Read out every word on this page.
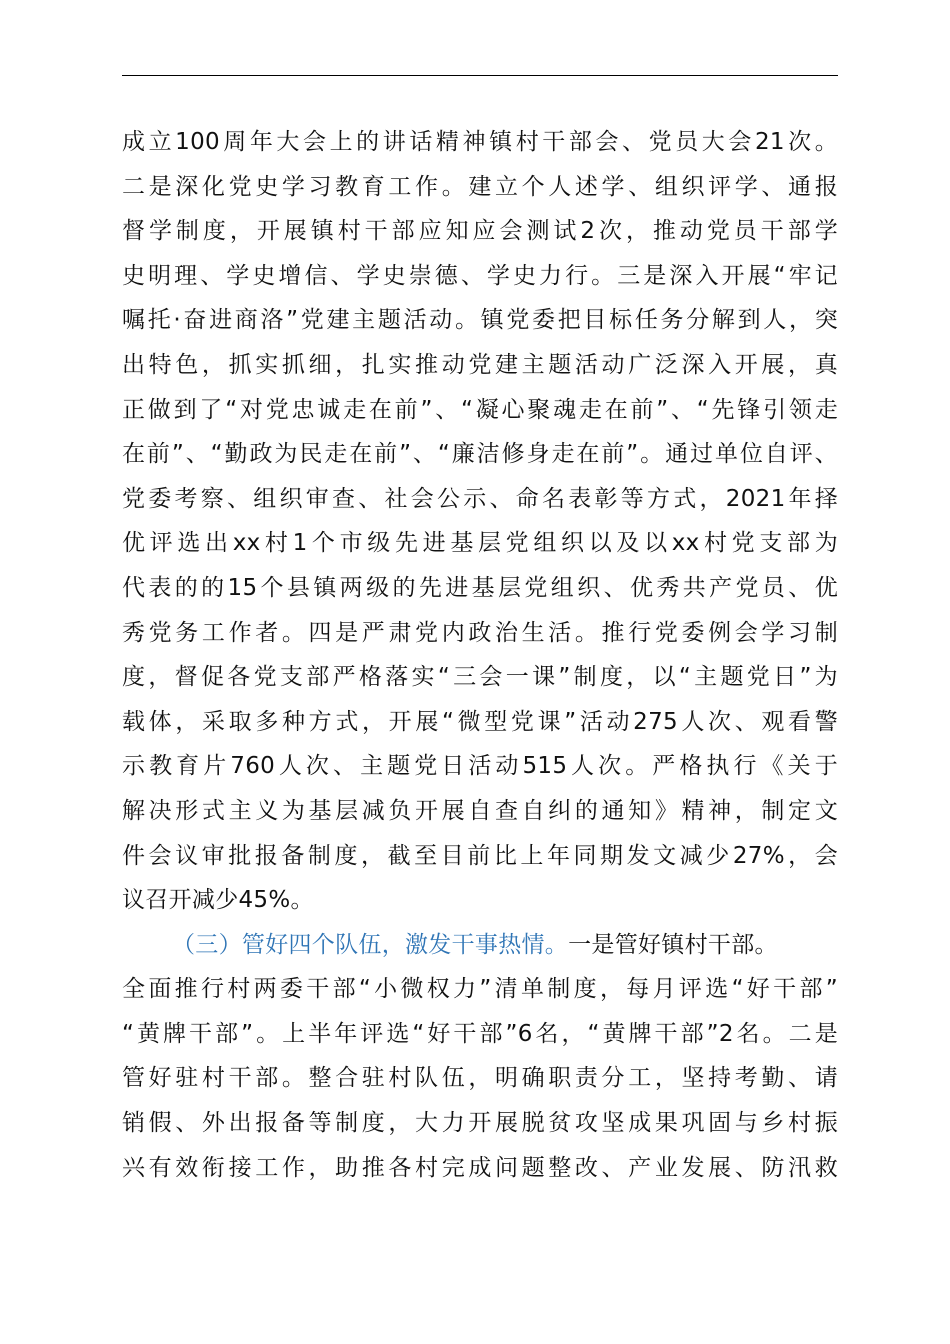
成立100周年大会上的讲话精神镇村干部会、党员大会21次。
二是深化党史学习教育工作。建立个人述学、组织评学、通报
督学制度，开展镇村干部应知应会测试2次，推动党员干部学
史明理、学史增信、学史崇德、学史力行。三是深入开展“牢记
嘱托·奋进商洛”党建主题活动。镇党委把目标任务分解到人，突
出特色，抓实抓细，扎实推动党建主题活动广泛深入开展，真
正做到了“对党忠诚走在前”、“凝心聚魂走在前”、“先锋引领走
在前”、“勤政为民走在前”、“廉洁修身走在前”。通过单位自评、
党委考察、组织审查、社会公示、命名表彰等方式，2021年择
优评选出xx村1个市级先进基层党组织以及以xx村党支部为
代表的的15个县镇两级的先进基层党组织、优秀共产党员、优
秀党务工作者。四是严肃党内政治生活。推行党委例会学习制
度，督促各党支部严格落实“三会一课”制度，以“主题党日”为
载体，采取多种方式，开展“微型党课”活动275人次、观看警
示教育片760人次、主题党日活动515人次。严格执行《关于
解决形式主义为基层减负开展自查自纠的通知》精神，制定文
件会议审批报备制度，截至目前比上年同期发文减少27%，会
议召开减少45%。
（三）管好四个队伍，激发干事热情。一是管好镇村干部。
全面推行村两委干部“小微权力”清单制度，每月评选“好干部”
“黄牌干部”。上半年评选“好干部”6名，“黄牌干部”2名。二是
管好驻村干部。整合驻村队伍，明确职责分工，坚持考勤、请
销假、外出报备等制度，大力开展脱贫攻坚成果巩固与乡村振
兴有效衔接工作，助推各村完成问题整改、产业发展、防汛救
